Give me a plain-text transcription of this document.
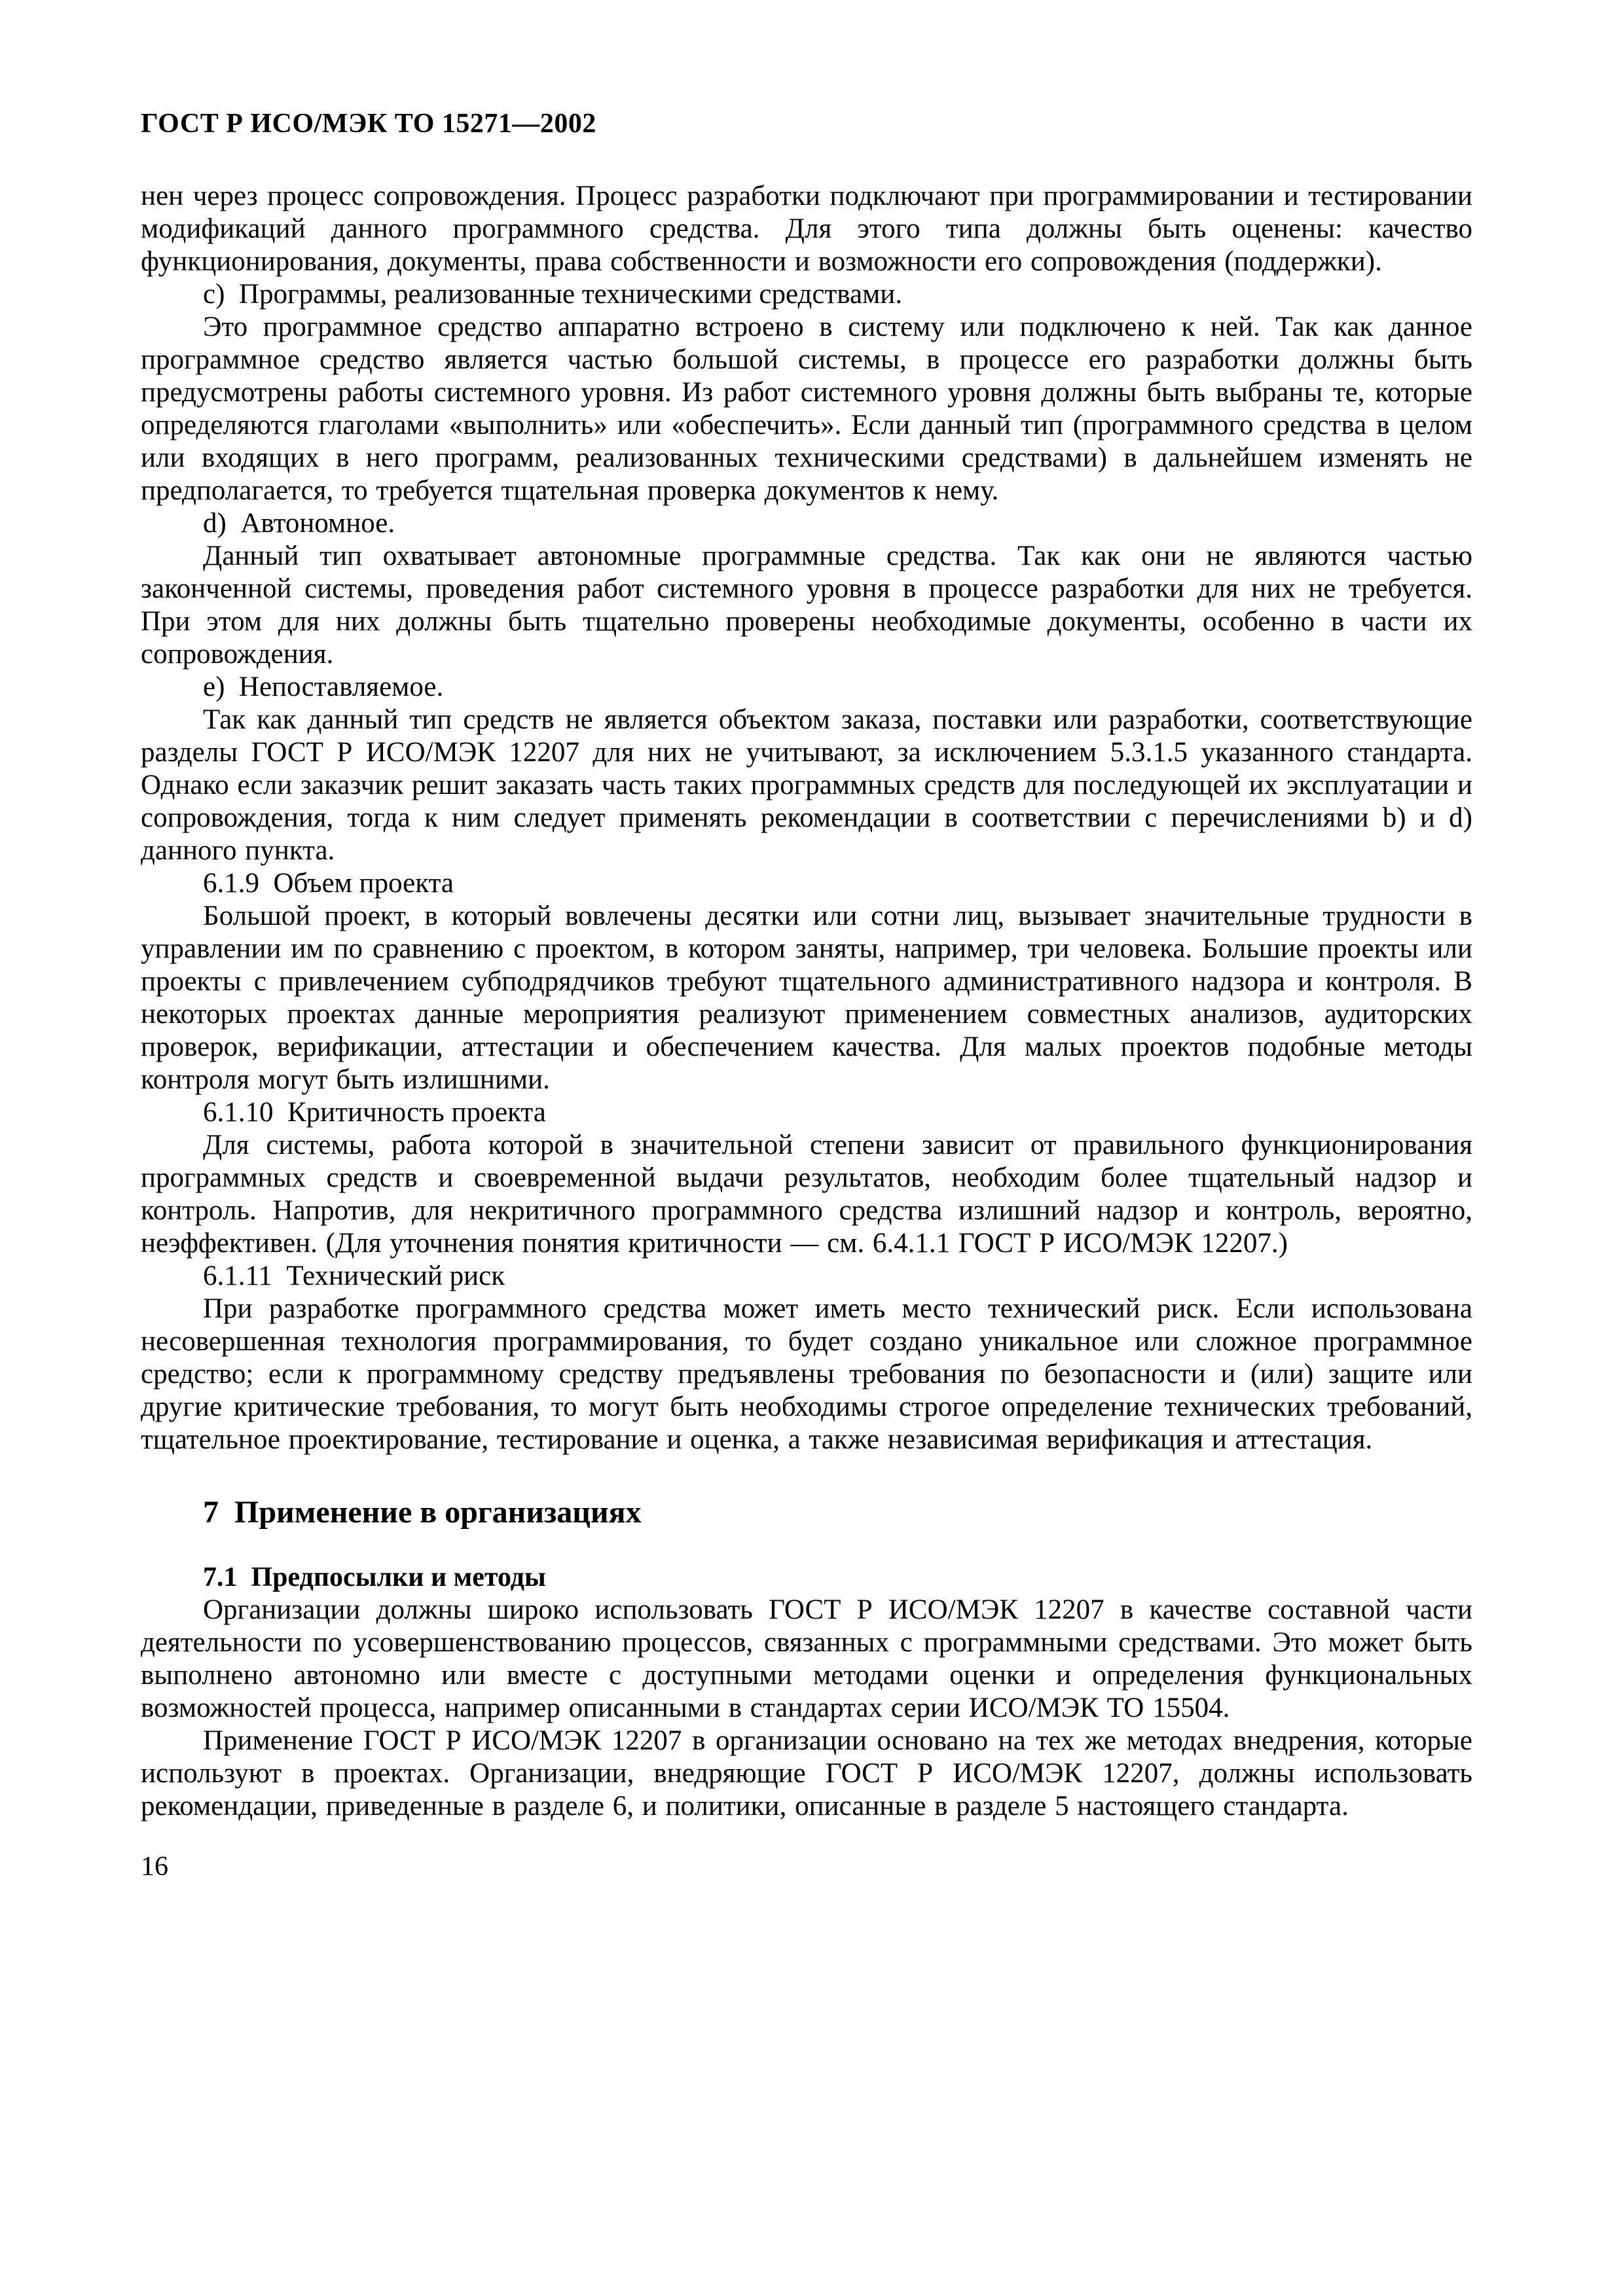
ГОСТ Р ИСО/МЭК ТО 15271—2002

нен через процесс сопровождения. Процесс разработки подключают при программировании и тестировании модификаций данного программного средства. Для этого типа должны быть оценены: качество функционирования, документы, права собственности и возможности его сопровождения (поддержки).

c) Программы, реализованные техническими средствами.

Это программное средство аппаратно встроено в систему или подключено к ней. Так как данное программное средство является частью большой системы, в процессе его разработки должны быть предусмотрены работы системного уровня. Из работ системного уровня должны быть выбраны те, которые определяются глаголами «выполнить» или «обеспечить». Если данный тип (программного средства в целом или входящих в него программ, реализованных техническими средствами) в дальнейшем изменять не предполагается, то требуется тщательная проверка документов к нему.

d) Автономное.

Данный тип охватывает автономные программные средства. Так как они не являются частью законченной системы, проведения работ системного уровня в процессе разработки для них не требуется. При этом для них должны быть тщательно проверены необходимые документы, особенно в части их сопровождения.

e) Непоставляемое.

Так как данный тип средств не является объектом заказа, поставки или разработки, соответствующие разделы ГОСТ Р ИСО/МЭК 12207 для них не учитывают, за исключением 5.3.1.5 указанного стандарта. Однако если заказчик решит заказать часть таких программных средств для последующей их эксплуатации и сопровождения, тогда к ним следует применять рекомендации в соответствии с перечислениями b) и d) данного пункта.

6.1.9 Объем проекта

Большой проект, в который вовлечены десятки или сотни лиц, вызывает значительные трудности в управлении им по сравнению с проектом, в котором заняты, например, три человека. Большие проекты или проекты с привлечением субподрядчиков требуют тщательного административного надзора и контроля. В некоторых проектах данные мероприятия реализуют применением совместных анализов, аудиторских проверок, верификации, аттестации и обеспечением качества. Для малых проектов подобные методы контроля могут быть излишними.

6.1.10 Критичность проекта

Для системы, работа которой в значительной степени зависит от правильного функционирования программных средств и своевременной выдачи результатов, необходим более тщательный надзор и контроль. Напротив, для некритичного программного средства излишний надзор и контроль, вероятно, неэффективен. (Для уточнения понятия критичности — см. 6.4.1.1 ГОСТ Р ИСО/МЭК 12207.)

6.1.11 Технический риск

При разработке программного средства может иметь место технический риск. Если использована несовершенная технология программирования, то будет создано уникальное или сложное программное средство; если к программному средству предъявлены требования по безопасности и (или) защите или другие критические требования, то могут быть необходимы строгое определение технических требований, тщательное проектирование, тестирование и оценка, а также независимая верификация и аттестация.

7 Применение в организациях

7.1 Предпосылки и методы

Организации должны широко использовать ГОСТ Р ИСО/МЭК 12207 в качестве составной части деятельности по усовершенствованию процессов, связанных с программными средствами. Это может быть выполнено автономно или вместе с доступными методами оценки и определения функциональных возможностей процесса, например описанными в стандартах серии ИСО/МЭК ТО 15504.

Применение ГОСТ Р ИСО/МЭК 12207 в организации основано на тех же методах внедрения, которые используют в проектах. Организации, внедряющие ГОСТ Р ИСО/МЭК 12207, должны использовать рекомендации, приведенные в разделе 6, и политики, описанные в разделе 5 настоящего стандарта.

16
